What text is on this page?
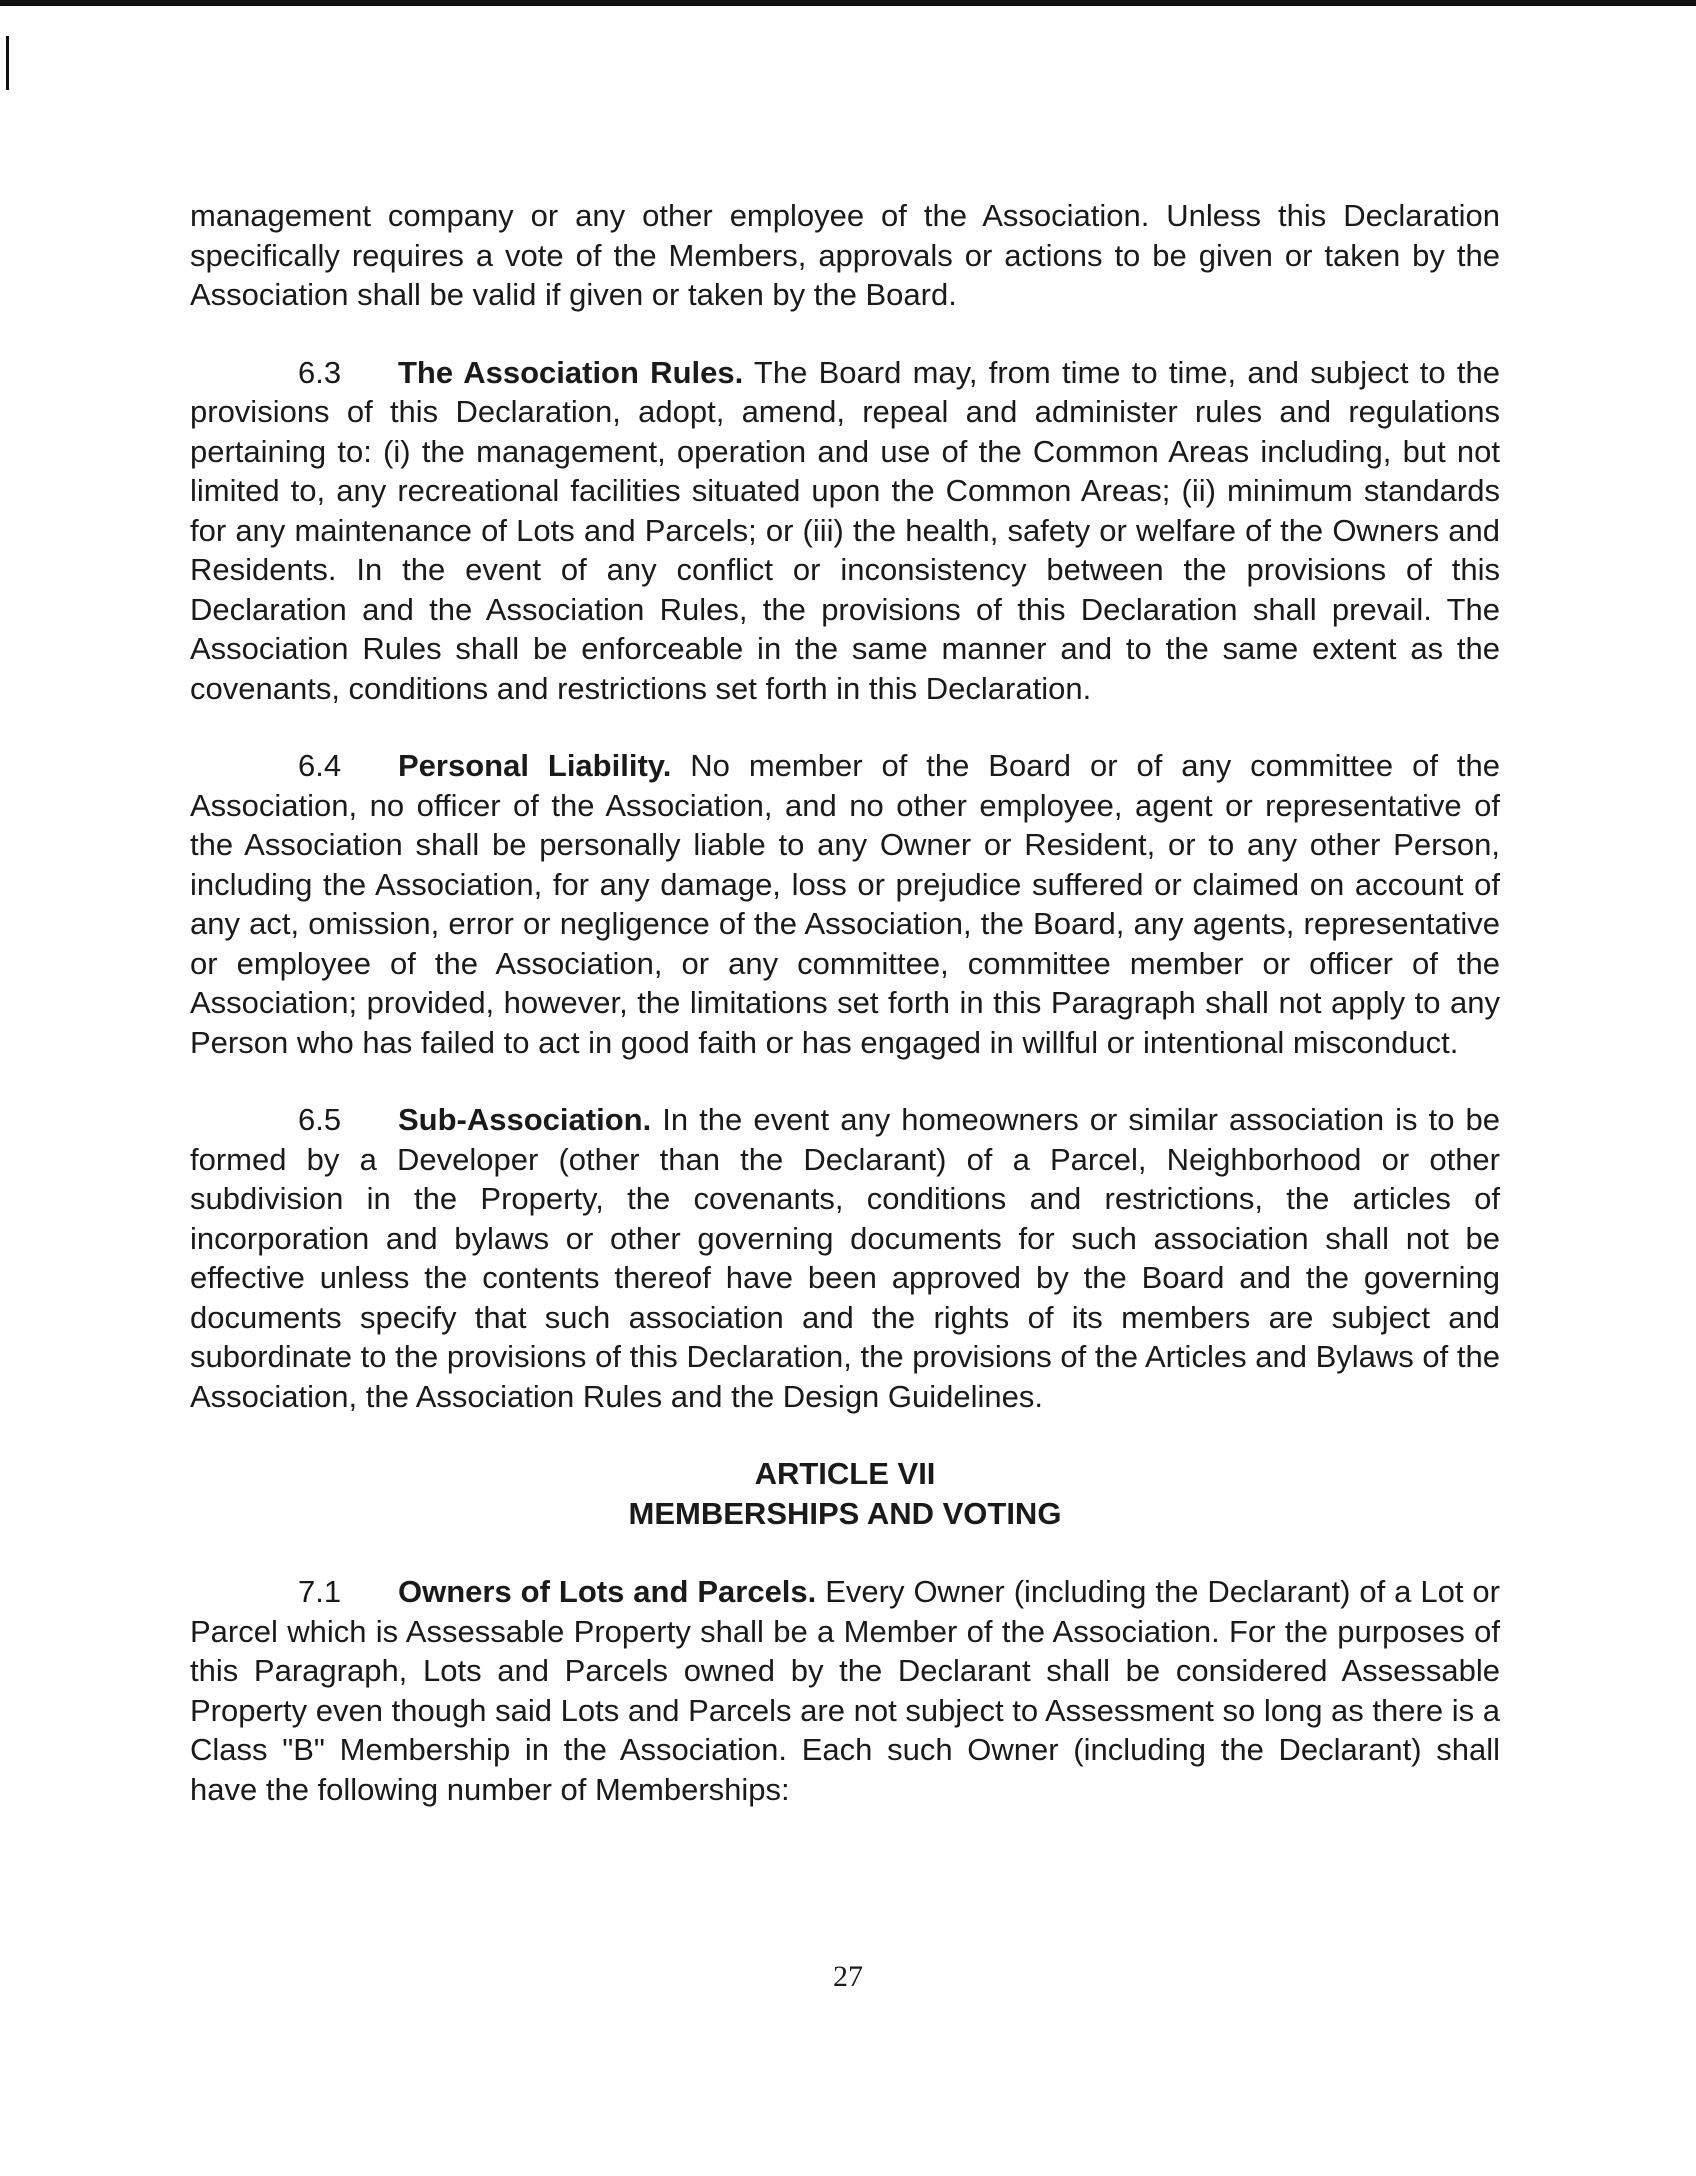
management company or any other employee of the Association. Unless this Declaration specifically requires a vote of the Members, approvals or actions to be given or taken by the Association shall be valid if given or taken by the Board.

6.3 The Association Rules. The Board may, from time to time, and subject to the provisions of this Declaration, adopt, amend, repeal and administer rules and regulations pertaining to: (i) the management, operation and use of the Common Areas including, but not limited to, any recreational facilities situated upon the Common Areas; (ii) minimum standards for any maintenance of Lots and Parcels; or (iii) the health, safety or welfare of the Owners and Residents. In the event of any conflict or inconsistency between the provisions of this Declaration and the Association Rules, the provisions of this Declaration shall prevail. The Association Rules shall be enforceable in the same manner and to the same extent as the covenants, conditions and restrictions set forth in this Declaration.

6.4 Personal Liability. No member of the Board or of any committee of the Association, no officer of the Association, and no other employee, agent or representative of the Association shall be personally liable to any Owner or Resident, or to any other Person, including the Association, for any damage, loss or prejudice suffered or claimed on account of any act, omission, error or negligence of the Association, the Board, any agents, representative or employee of the Association, or any committee, committee member or officer of the Association; provided, however, the limitations set forth in this Paragraph shall not apply to any Person who has failed to act in good faith or has engaged in willful or intentional misconduct.

6.5 Sub-Association. In the event any homeowners or similar association is to be formed by a Developer (other than the Declarant) of a Parcel, Neighborhood or other subdivision in the Property, the covenants, conditions and restrictions, the articles of incorporation and bylaws or other governing documents for such association shall not be effective unless the contents thereof have been approved by the Board and the governing documents specify that such association and the rights of its members are subject and subordinate to the provisions of this Declaration, the provisions of the Articles and Bylaws of the Association, the Association Rules and the Design Guidelines.

ARTICLE VII
MEMBERSHIPS AND VOTING

7.1 Owners of Lots and Parcels. Every Owner (including the Declarant) of a Lot or Parcel which is Assessable Property shall be a Member of the Association. For the purposes of this Paragraph, Lots and Parcels owned by the Declarant shall be considered Assessable Property even though said Lots and Parcels are not subject to Assessment so long as there is a Class "B" Membership in the Association. Each such Owner (including the Declarant) shall have the following number of Memberships:

27
